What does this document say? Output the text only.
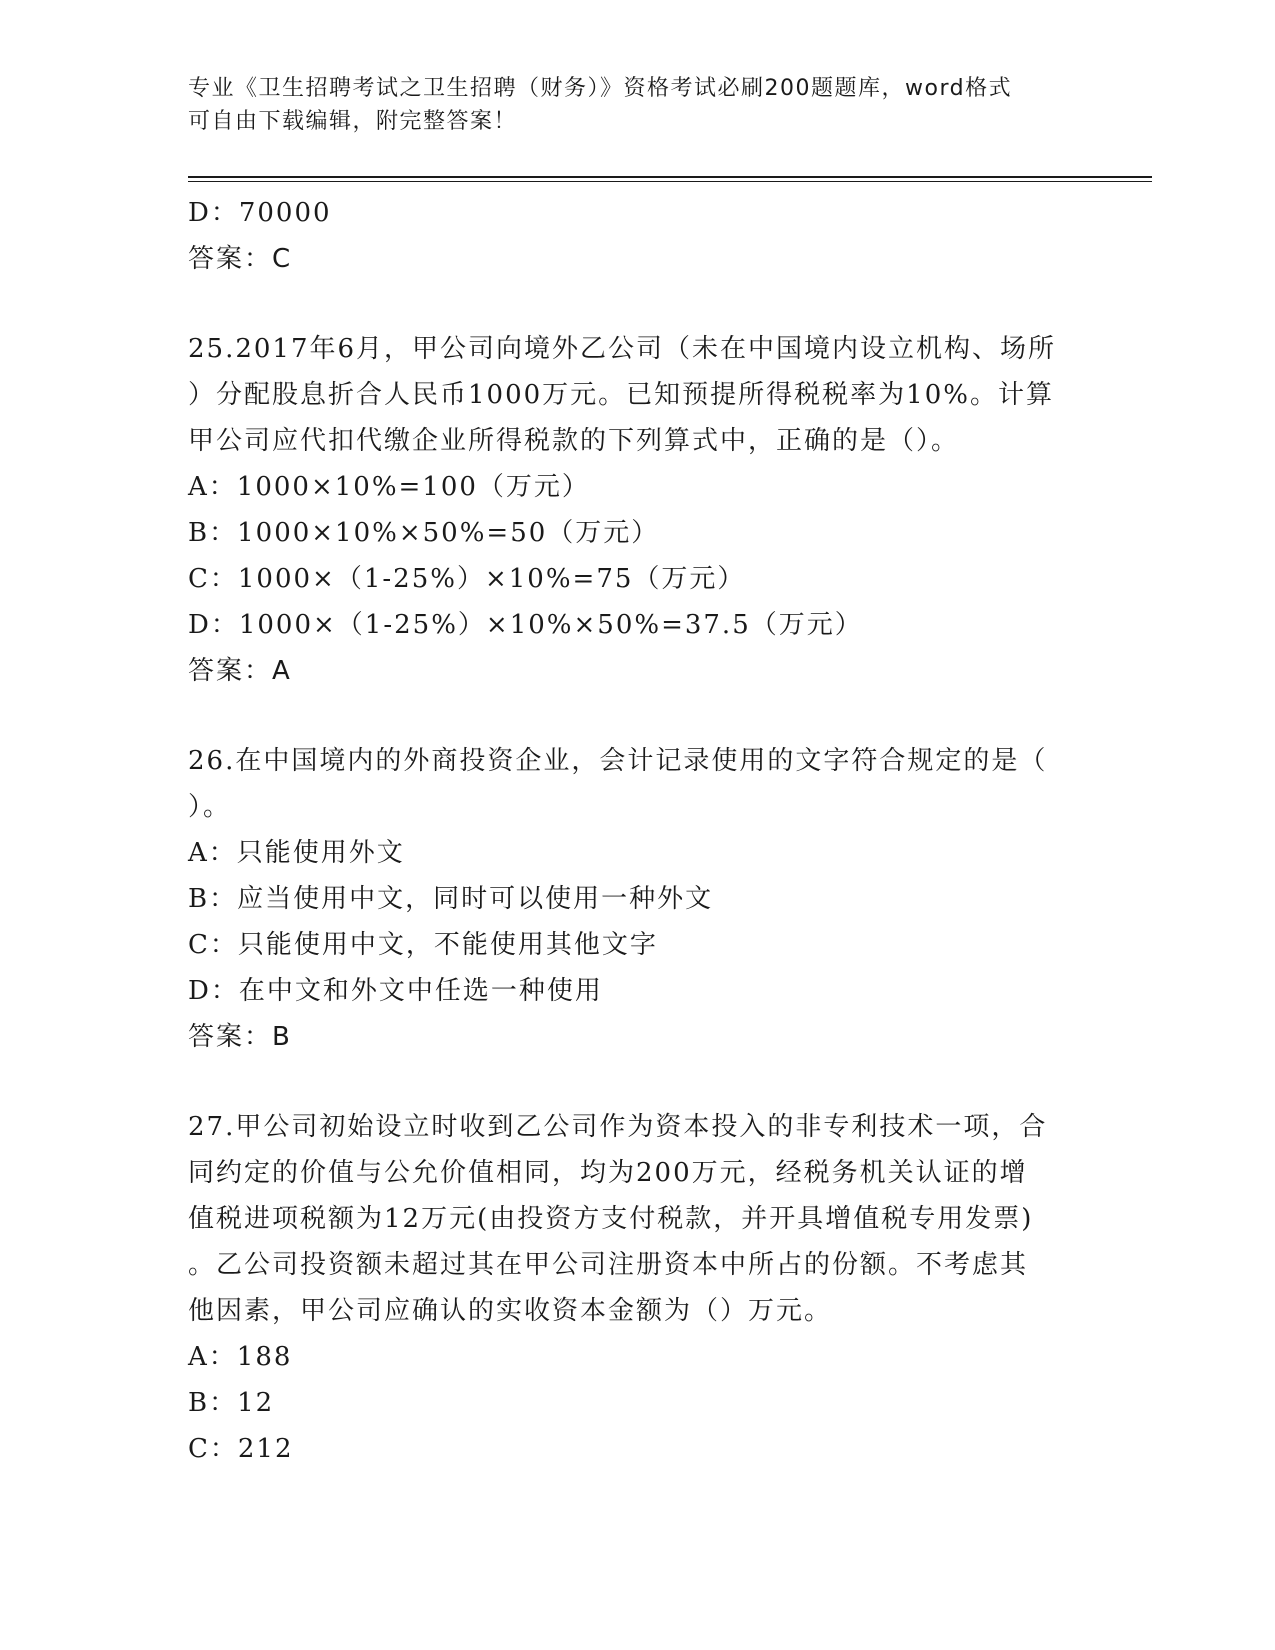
专业《卫生招聘考试之卫生招聘（财务）》资格考试必刷200题题库，word格式
可自由下载编辑，附完整答案！
D：70000
答案：C
25.2017年6月，甲公司向境外乙公司（未在中国境内设立机构、场所
）分配股息折合人民币1000万元。已知预提所得税税率为10%。计算
甲公司应代扣代缴企业所得税款的下列算式中，正确的是（）。
A：1000×10%=100（万元）
B：1000×10%×50%=50（万元）
C：1000×（1-25%）×10%=75（万元）
D：1000×（1-25%）×10%×50%=37.5（万元）
答案：A
26.在中国境内的外商投资企业，会计记录使用的文字符合规定的是（
）。
A：只能使用外文
B：应当使用中文，同时可以使用一种外文
C：只能使用中文，不能使用其他文字
D：在中文和外文中任选一种使用
答案：B
27.甲公司初始设立时收到乙公司作为资本投入的非专利技术一项，合
同约定的价值与公允价值相同，均为200万元，经税务机关认证的增
值税进项税额为12万元(由投资方支付税款，并开具增值税专用发票)
。乙公司投资额未超过其在甲公司注册资本中所占的份额。不考虑其
他因素，甲公司应确认的实收资本金额为（）万元。
A：188
B：12
C：212
